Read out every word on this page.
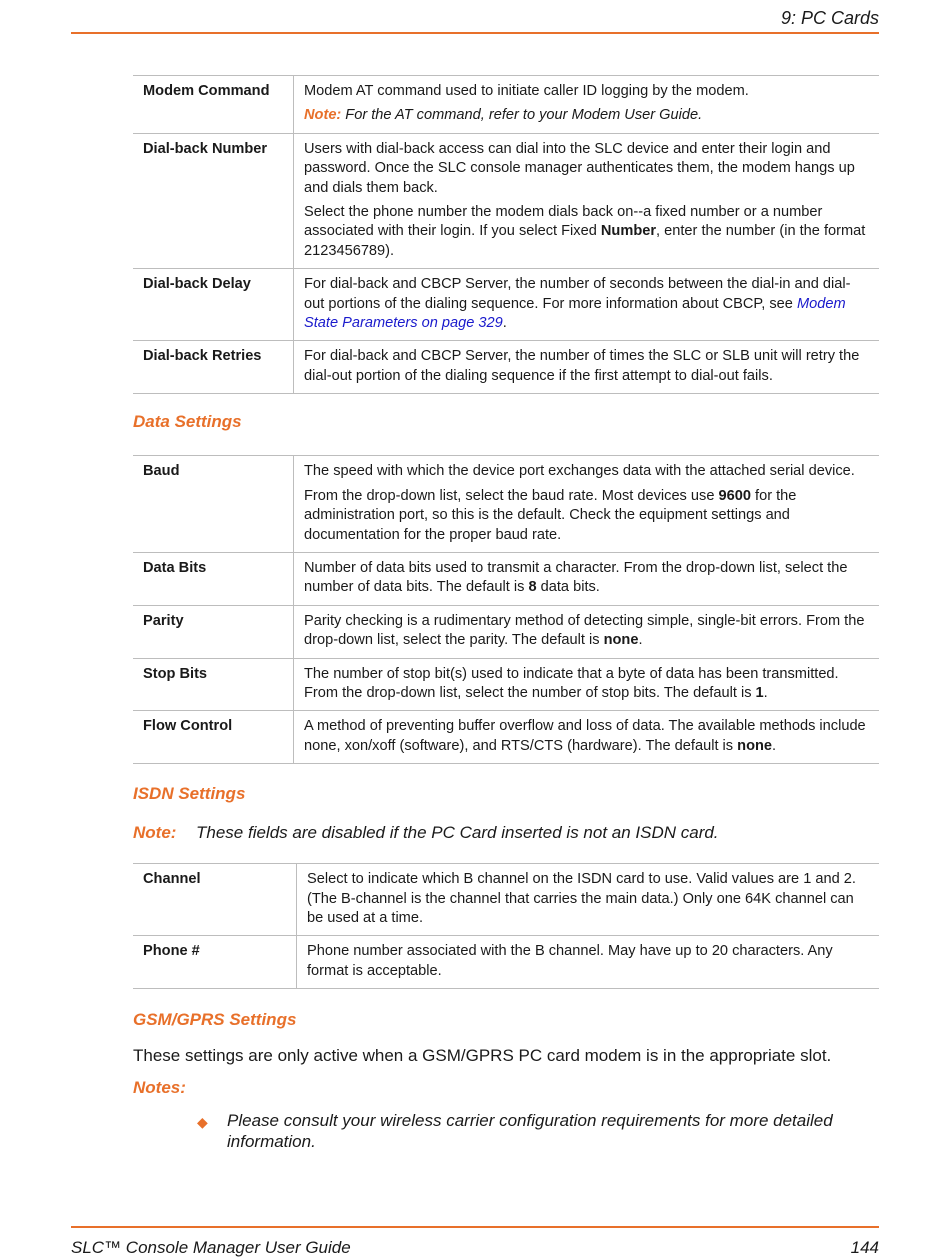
9: PC Cards
Modem Command	Modem AT command used to initiate caller ID logging by the modem.

Note: For the AT command, refer to your Modem User Guide.

Dial-back Number	Users with dial-back access can dial into the SLC device and enter their login and password. Once the SLC console manager authenticates them, the modem hangs up and dials them back.

Select the phone number the modem dials back on--a fixed number or a number associated with their login. If you select Fixed Number, enter the number (in the format 2123456789).

Dial-back Delay	For dial-back and CBCP Server, the number of seconds between the dial-in and dial-out portions of the dialing sequence. For more information about CBCP, see Modem State Parameters on page 329.

Dial-back Retries	For dial-back and CBCP Server, the number of times the SLC or SLB unit will retry the dial-out portion of the dialing sequence if the first attempt to dial-out fails.

Data Settings
Baud	The speed with which the device port exchanges data with the attached serial device.

From the drop-down list, select the baud rate. Most devices use 9600 for the administration port, so this is the default. Check the equipment settings and documentation for the proper baud rate.

Data Bits	Number of data bits used to transmit a character. From the drop-down list, select the number of data bits. The default is 8 data bits.

Parity	Parity checking is a rudimentary method of detecting simple, single-bit errors. From the drop-down list, select the parity. The default is none.

Stop Bits	The number of stop bit(s) used to indicate that a byte of data has been transmitted. From the drop-down list, select the number of stop bits. The default is 1.

Flow Control	A method of preventing buffer overflow and loss of data. The available methods include none, xon/xoff (software), and RTS/CTS (hardware). The default is none.

ISDN Settings
Note: These fields are disabled if the PC Card inserted is not an ISDN card.
Channel	Select to indicate which B channel on the ISDN card to use. Valid values are 1 and 2. (The B-channel is the channel that carries the main data.) Only one 64K channel can be used at a time.

Phone #	Phone number associated with the B channel. May have up to 20 characters. Any format is acceptable.

GSM/GPRS Settings
These settings are only active when a GSM/GPRS PC card modem is in the appropriate slot.
Notes:
◆ Please consult your wireless carrier configuration requirements for more detailed information.
SLC™ Console Manager User Guide	144
